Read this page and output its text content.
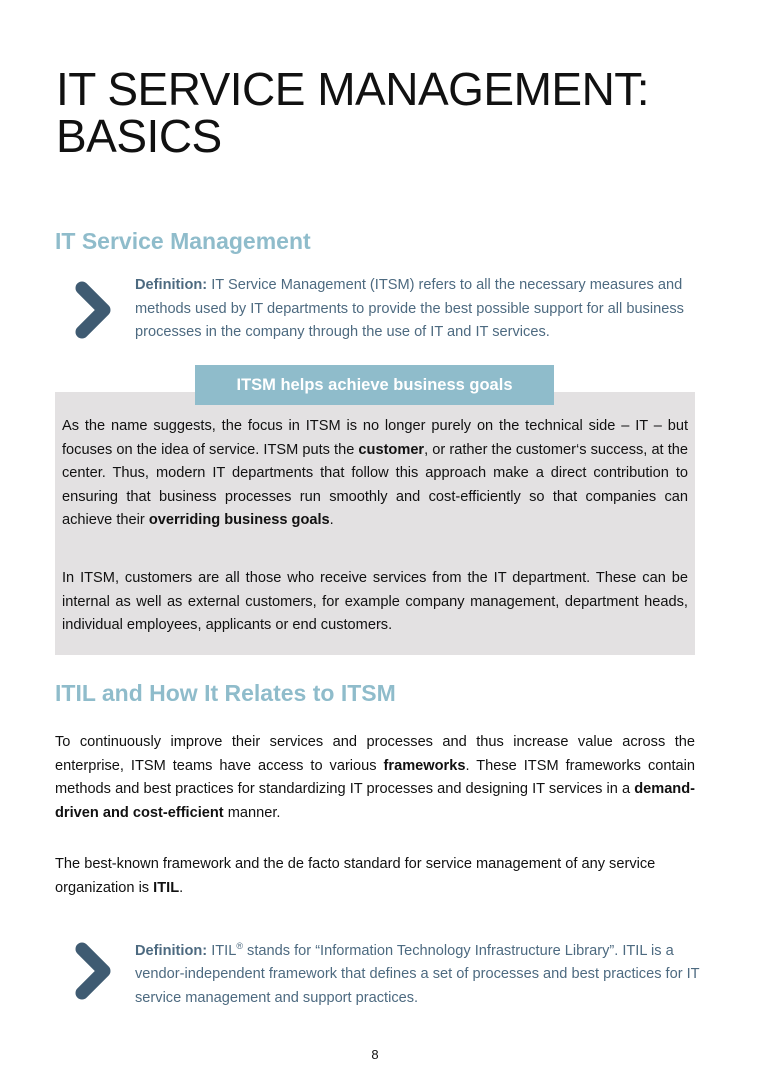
IT SERVICE MANAGEMENT:
BASICS
IT Service Management

Definition: IT Service Management (ITSM) refers to all the necessary measures and methods used by IT departments to provide the best possible support for all business processes in the company through the use of IT and IT services.

As the name suggests, the focus in ITSM is no longer purely on the technical side – IT – but focuses on the idea of service. ITSM puts the customer, or rather the customer‘s success, at the center. Thus, modern IT departments that follow this approach make a direct contribution to ensuring that business processes run smoothly and cost-efficiently so that companies can achieve their overriding business goals.

In ITSM, customers are all those who receive services from the IT department. These can be internal as well as external customers, for example company management, department heads, individual employees, applicants or end customers.

ITSM helps achieve business goals
ITIL and How It Relates to ITSM

To continuously improve their services and processes and thus increase value across the enterprise, ITSM teams have access to various frameworks. These ITSM frameworks contain methods and best practices for standardizing IT processes and designing IT services in a demand-driven and cost-efficient manner.

The best-known framework and the de facto standard for service management of any service organization is ITIL.

Definition: ITIL® stands for “Information Technology Infrastructure Library”. ITIL is a vendor-independent framework that defines a set of processes and best practices for IT service management and support practices.

8
